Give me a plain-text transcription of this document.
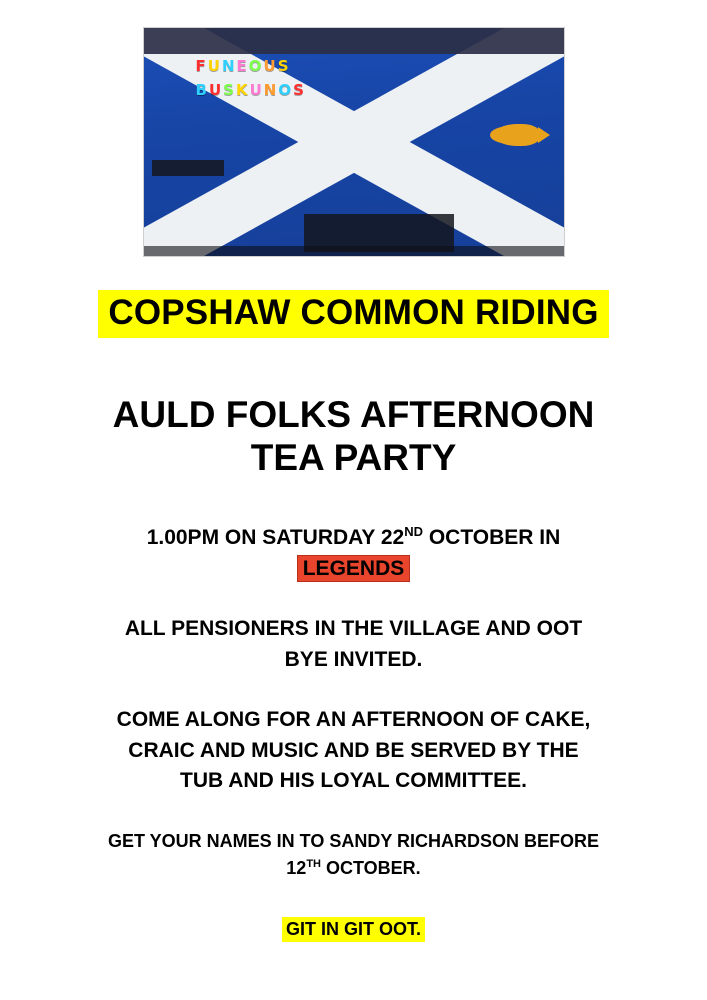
F U N E O U S
B U S K U N O S
COPSHAW COMMON RIDING
AULD FOLKS AFTERNOON
TEA PARTY
1.00PM ON SATURDAY 22ND OCTOBER IN
LEGENDS
ALL PENSIONERS IN THE VILLAGE AND OOT
BYE INVITED.
COME ALONG FOR AN AFTERNOON OF CAKE,
CRAIC AND MUSIC AND BE SERVED BY THE
TUB AND HIS LOYAL COMMITTEE.
GET YOUR NAMES IN TO SANDY RICHARDSON BEFORE
12TH OCTOBER.
GIT IN GIT OOT.
